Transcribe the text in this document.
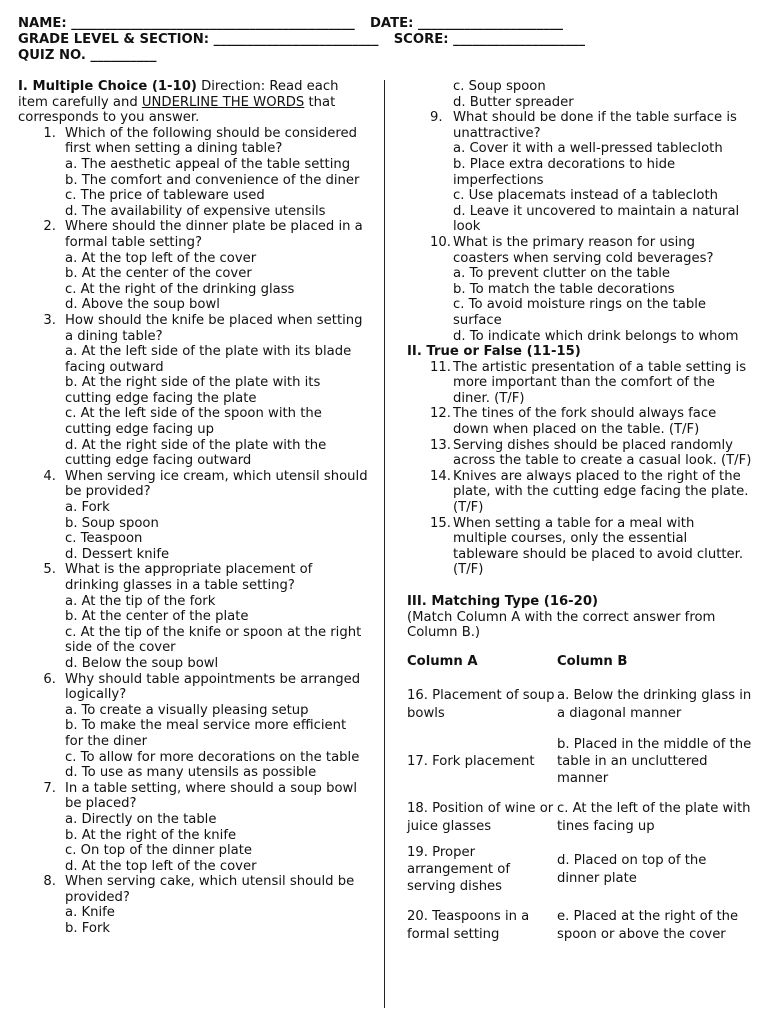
NAME: ___________________________________________ DATE: ______________________
GRADE LEVEL & SECTION: _________________________ SCORE: ____________________
QUIZ NO. __________
I. Multiple Choice (1-10) Direction: Read each item carefully and UNDERLINE THE WORDS that corresponds to you answer.
1. Which of the following should be considered first when setting a dining table?
a. The aesthetic appeal of the table setting
b. The comfort and convenience of the diner
c. The price of tableware used
d. The availability of expensive utensils
2. Where should the dinner plate be placed in a formal table setting?
a. At the top left of the cover
b. At the center of the cover
c. At the right of the drinking glass
d. Above the soup bowl
3. How should the knife be placed when setting a dining table?
a. At the left side of the plate with its blade facing outward
b. At the right side of the plate with its cutting edge facing the plate
c. At the left side of the spoon with the cutting edge facing up
d. At the right side of the plate with the cutting edge facing outward
4. When serving ice cream, which utensil should be provided?
a. Fork
b. Soup spoon
c. Teaspoon
d. Dessert knife
5. What is the appropriate placement of drinking glasses in a table setting?
a. At the tip of the fork
b. At the center of the plate
c. At the tip of the knife or spoon at the right side of the cover
d. Below the soup bowl
6. Why should table appointments be arranged logically?
a. To create a visually pleasing setup
b. To make the meal service more efficient for the diner
c. To allow for more decorations on the table
d. To use as many utensils as possible
7. In a table setting, where should a soup bowl be placed?
a. Directly on the table
b. At the right of the knife
c. On top of the dinner plate
d. At the top left of the cover
8. When serving cake, which utensil should be provided?
a. Knife
b. Fork
c. Soup spoon
d. Butter spreader
9. What should be done if the table surface is unattractive?
a. Cover it with a well-pressed tablecloth
b. Place extra decorations to hide imperfections
c. Use placemats instead of a tablecloth
d. Leave it uncovered to maintain a natural look
10. What is the primary reason for using coasters when serving cold beverages?
a. To prevent clutter on the table
b. To match the table decorations
c. To avoid moisture rings on the table surface
d. To indicate which drink belongs to whom
II. True or False (11-15)
11. The artistic presentation of a table setting is more important than the comfort of the diner. (T/F)
12. The tines of the fork should always face down when placed on the table. (T/F)
13. Serving dishes should be placed randomly across the table to create a casual look. (T/F)
14. Knives are always placed to the right of the plate, with the cutting edge facing the plate. (T/F)
15. When setting a table for a meal with multiple courses, only the essential tableware should be placed to avoid clutter. (T/F)
III. Matching Type (16-20)
(Match Column A with the correct answer from Column B.)
Column A	Column B
16. Placement of soup bowls	a. Below the drinking glass in a diagonal manner
17. Fork placement	b. Placed in the middle of the table in an uncluttered manner
18. Position of wine or juice glasses	c. At the left of the plate with tines facing up
19. Proper arrangement of serving dishes	d. Placed on top of the dinner plate
20. Teaspoons in a formal setting	e. Placed at the right of the spoon or above the cover
